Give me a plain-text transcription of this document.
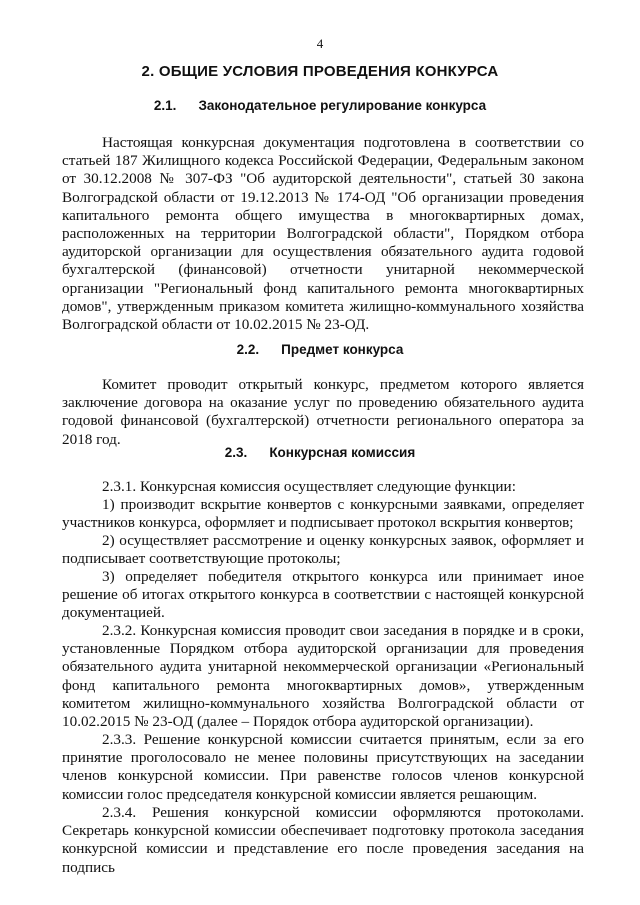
4
2. ОБЩИЕ УСЛОВИЯ ПРОВЕДЕНИЯ КОНКУРСА
2.1. Законодательное регулирование конкурса

Настоящая конкурсная документация подготовлена в соответствии со статьей 187 Жилищного кодекса Российской Федерации, Федеральным законом от 30.12.2008 № 307-ФЗ "Об аудиторской деятельности", статьей 30 закона Волгоградской области от 19.12.2013 № 174-ОД "Об организации проведения капитального ремонта общего имущества в многоквартирных домах, расположенных на территории Волгоградской области", Порядком отбора аудиторской организации для осуществления обязательного аудита годовой бухгалтерской (финансовой) отчетности унитарной некоммерческой организации "Региональный фонд капитального ремонта многоквартирных домов", утвержденным приказом комитета жилищно-коммунального хозяйства Волгоградской области от 10.02.2015 № 23-ОД.

2.2. Предмет конкурса

Комитет проводит открытый конкурс, предметом которого является заключение договора на оказание услуг по проведению обязательного аудита годовой финансовой (бухгалтерской) отчетности регионального оператора за 2018 год.

2.3. Конкурсная комиссия

2.3.1. Конкурсная комиссия осуществляет следующие функции:

1) производит вскрытие конвертов с конкурсными заявками, определяет участников конкурса, оформляет и подписывает протокол вскрытия конвертов;

2) осуществляет рассмотрение и оценку конкурсных заявок, оформляет и подписывает соответствующие протоколы;

3) определяет победителя открытого конкурса или принимает иное решение об итогах открытого конкурса в соответствии с настоящей конкурсной документацией.

2.3.2. Конкурсная комиссия проводит свои заседания в порядке и в сроки, установленные Порядком отбора аудиторской организации для проведения обязательного аудита унитарной некоммерческой организации «Региональный фонд капитального ремонта многоквартирных домов», утвержденным комитетом жилищно-коммунального хозяйства Волгоградской области от 10.02.2015 № 23-ОД (далее – Порядок отбора аудиторской организации).

2.3.3. Решение конкурсной комиссии считается принятым, если за его принятие проголосовало не менее половины присутствующих на заседании членов конкурсной комиссии. При равенстве голосов членов конкурсной комиссии голос председателя конкурсной комиссии является решающим.

2.3.4. Решения конкурсной комиссии оформляются протоколами. Секретарь конкурсной комиссии обеспечивает подготовку протокола заседания конкурсной комиссии и представление его после проведения заседания на подпись
